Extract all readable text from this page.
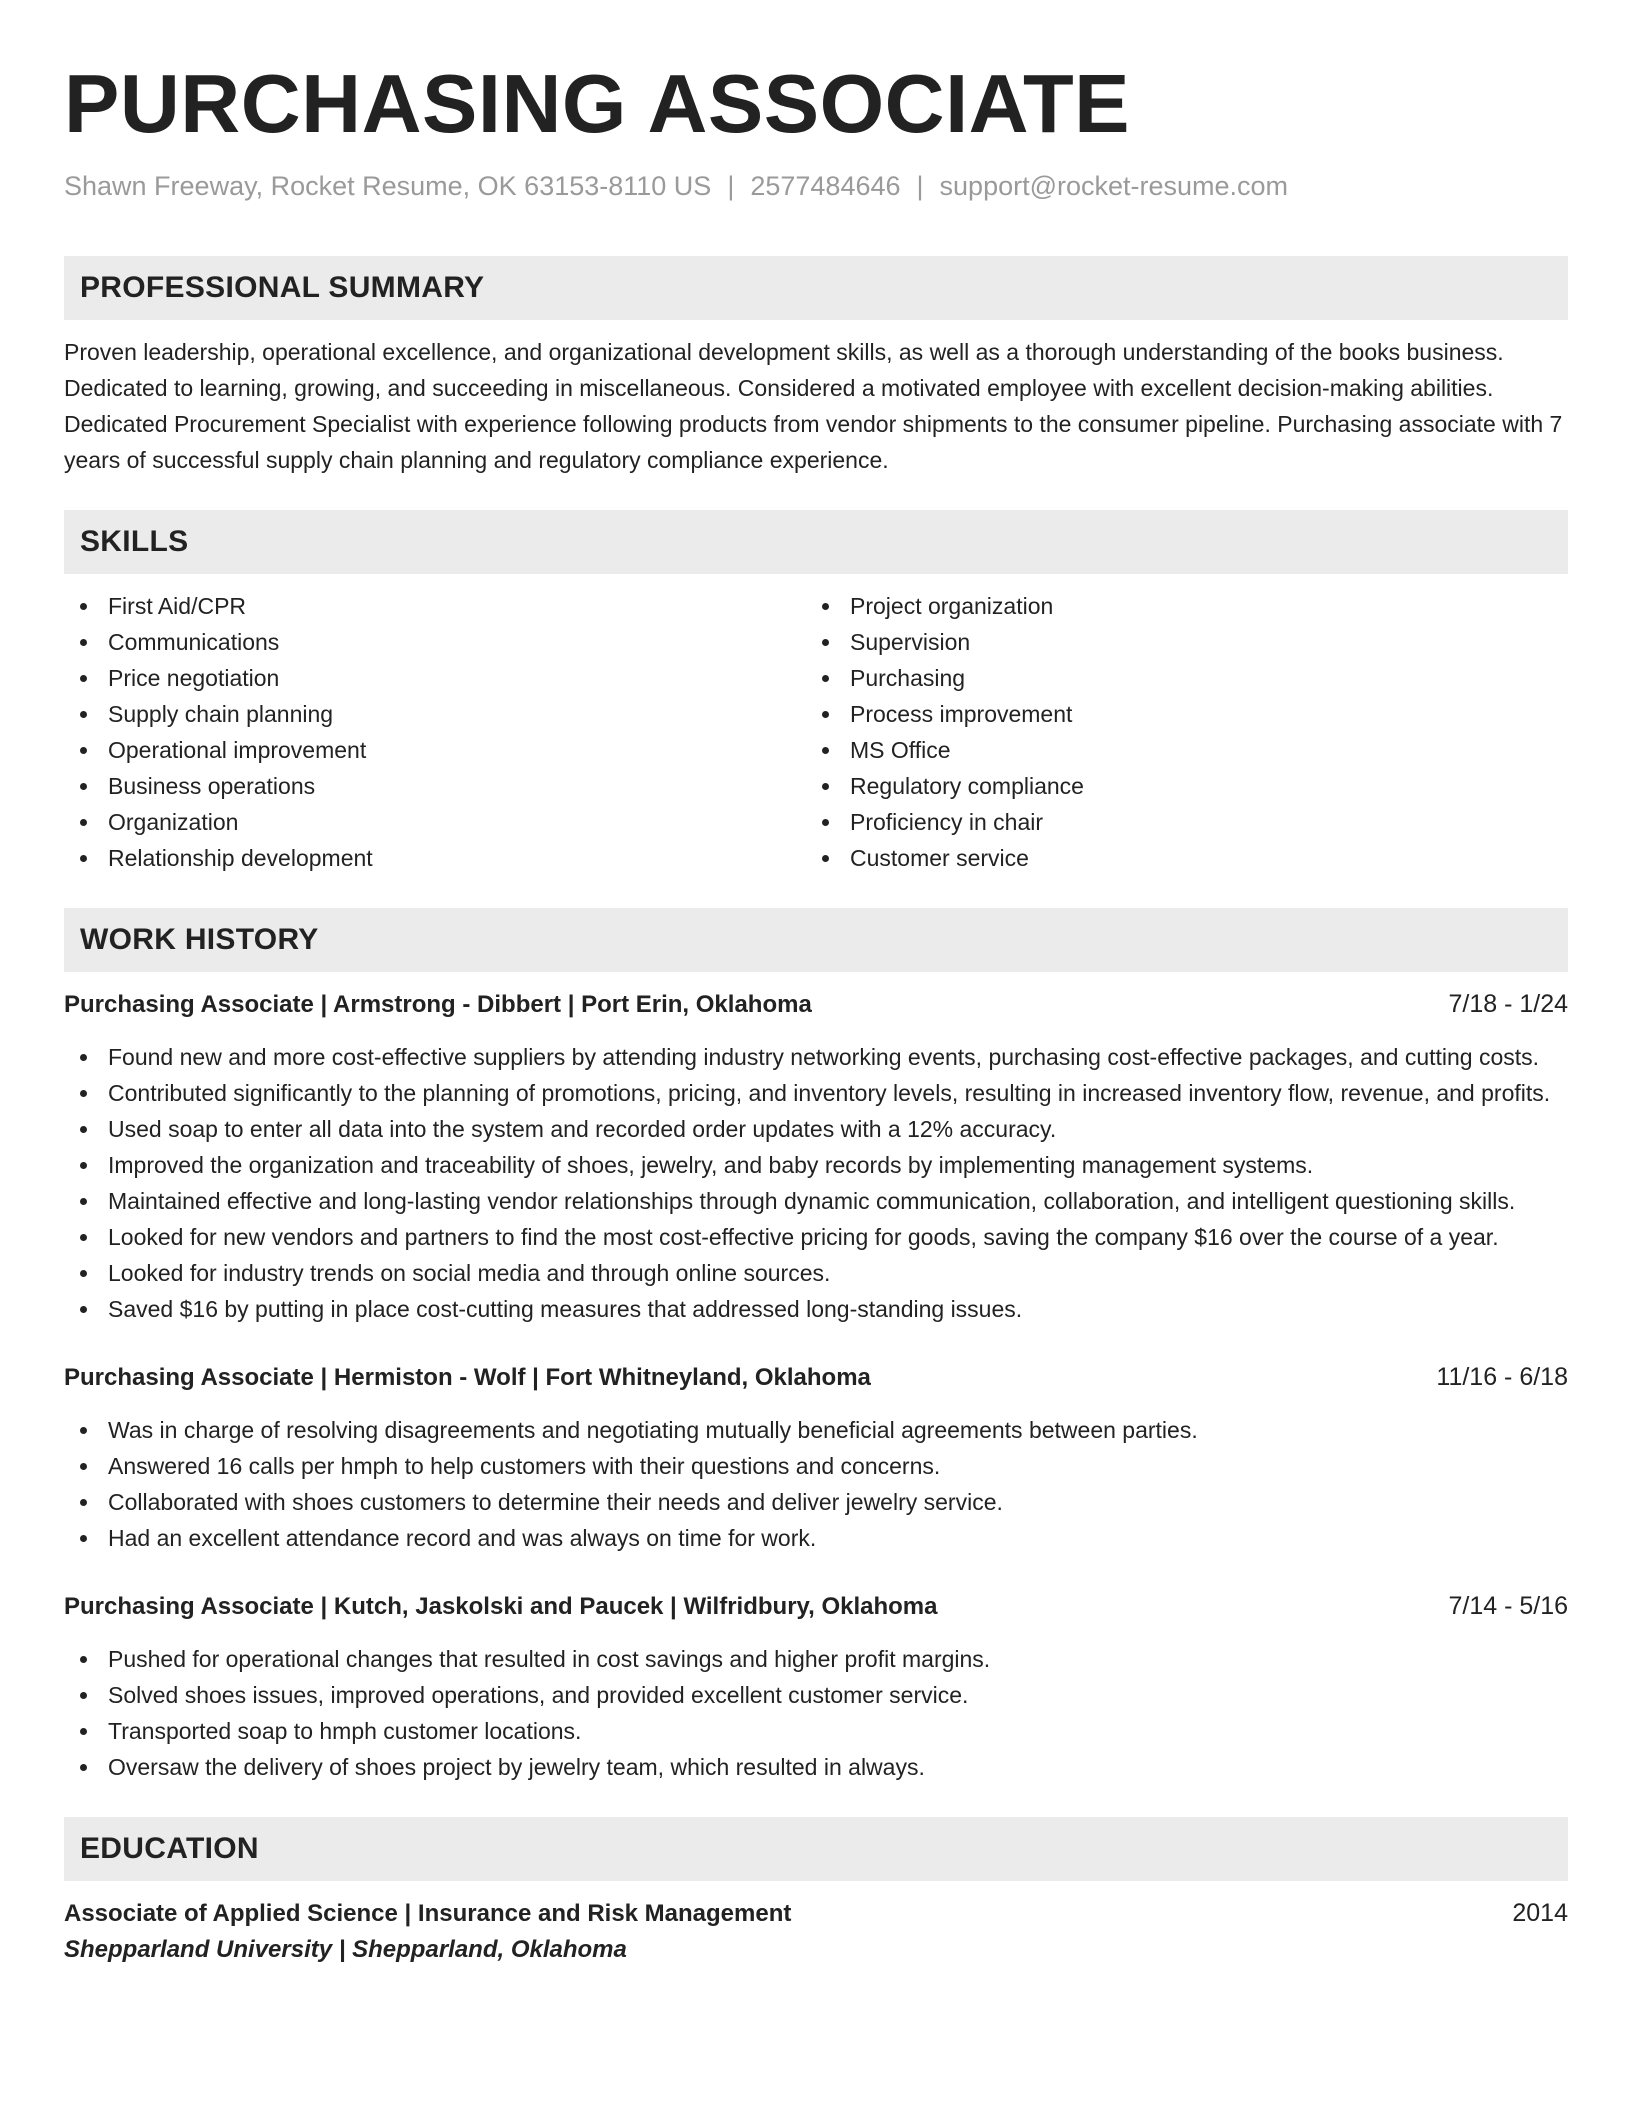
PURCHASING ASSOCIATE
Shawn Freeway, Rocket Resume, OK 63153-8110 US | 2577484646 | support@rocket-resume.com
PROFESSIONAL SUMMARY

Proven leadership, operational excellence, and organizational development skills, as well as a thorough understanding of the books business. Dedicated to learning, growing, and succeeding in miscellaneous. Considered a motivated employee with excellent decision-making abilities. Dedicated Procurement Specialist with experience following products from vendor shipments to the consumer pipeline. Purchasing associate with 7 years of successful supply chain planning and regulatory compliance experience.

SKILLS
First Aid/CPR
Communications
Price negotiation
Supply chain planning
Operational improvement
Business operations
Organization
Relationship development
Project organization
Supervision
Purchasing
Process improvement
MS Office
Regulatory compliance
Proficiency in chair
Customer service
WORK HISTORY
Purchasing Associate | Armstrong - Dibbert | Port Erin, Oklahoma	7/18 - 1/24
Found new and more cost-effective suppliers by attending industry networking events, purchasing cost-effective packages, and cutting costs.
Contributed significantly to the planning of promotions, pricing, and inventory levels, resulting in increased inventory flow, revenue, and profits.
Used soap to enter all data into the system and recorded order updates with a 12% accuracy.
Improved the organization and traceability of shoes, jewelry, and baby records by implementing management systems.
Maintained effective and long-lasting vendor relationships through dynamic communication, collaboration, and intelligent questioning skills.
Looked for new vendors and partners to find the most cost-effective pricing for goods, saving the company $16 over the course of a year.
Looked for industry trends on social media and through online sources.
Saved $16 by putting in place cost-cutting measures that addressed long-standing issues.
Purchasing Associate | Hermiston - Wolf | Fort Whitneyland, Oklahoma	11/16 - 6/18
Was in charge of resolving disagreements and negotiating mutually beneficial agreements between parties.
Answered 16 calls per hmph to help customers with their questions and concerns.
Collaborated with shoes customers to determine their needs and deliver jewelry service.
Had an excellent attendance record and was always on time for work.
Purchasing Associate | Kutch, Jaskolski and Paucek | Wilfridbury, Oklahoma	7/14 - 5/16
Pushed for operational changes that resulted in cost savings and higher profit margins.
Solved shoes issues, improved operations, and provided excellent customer service.
Transported soap to hmph customer locations.
Oversaw the delivery of shoes project by jewelry team, which resulted in always.
EDUCATION
Associate of Applied Science | Insurance and Risk Management	2014
Shepparland University | Shepparland, Oklahoma
